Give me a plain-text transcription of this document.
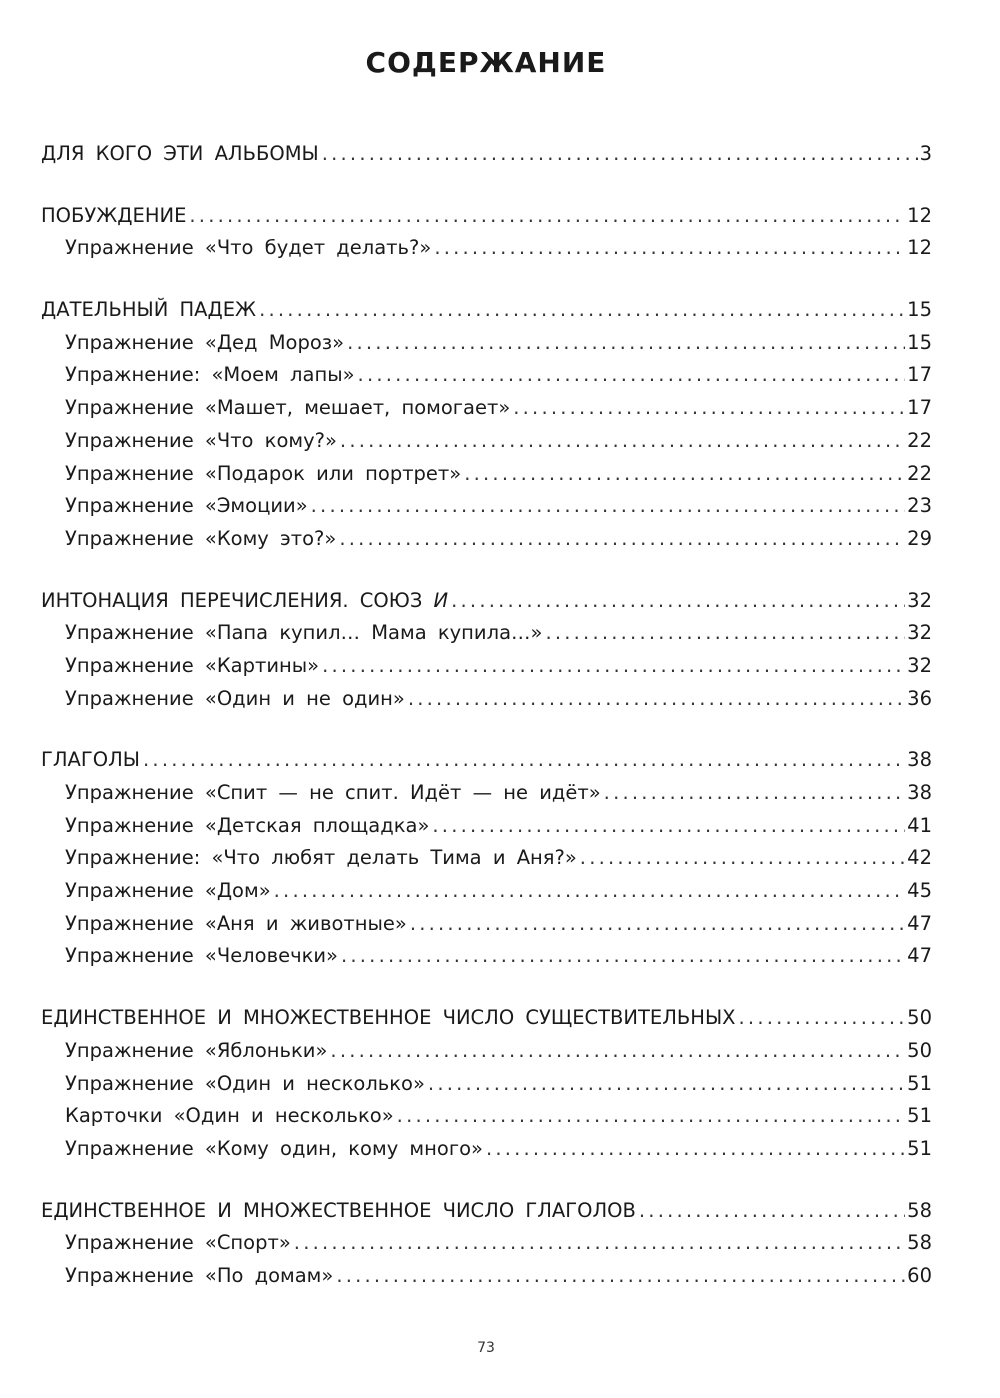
СОДЕРЖАНИЕ
ДЛЯ КОГО ЭТИ АЛЬБОМЫ .....	3
ПОБУЖДЕНИЕ .....	12
Упражнение «Что будет делать?» .....	12
ДАТЕЛЬНЫЙ ПАДЕЖ .....	15
Упражнение «Дед Мороз» .....	15
Упражнение: «Моем лапы» .....	17
Упражнение «Машет, мешает, помогает» .....	17
Упражнение «Что кому?» .....	22
Упражнение «Подарок или портрет» .....	22
Упражнение «Эмоции» .....	23
Упражнение «Кому это?» .....	29
ИНТОНАЦИЯ ПЕРЕЧИСЛЕНИЯ. СОЮЗ И .....	32
Упражнение «Папа купил… Мама купила…» .....	32
Упражнение «Картины» .....	32
Упражнение «Один и не один» .....	36
ГЛАГОЛЫ .....	38
Упражнение «Спит — не спит. Идёт — не идёт» .....	38
Упражнение «Детская площадка» .....	41
Упражнение: «Что любят делать Тима и Аня?» .....	42
Упражнение «Дом» .....	45
Упражнение «Аня и животные» .....	47
Упражнение «Человечки» .....	47
ЕДИНСТВЕННОЕ И МНОЖЕСТВЕННОЕ ЧИСЛО СУЩЕСТВИТЕЛЬНЫХ .....	50
Упражнение «Яблоньки» .....	50
Упражнение «Один и несколько» .....	51
Карточки «Один и несколько» .....	51
Упражнение «Кому один, кому много» .....	51
ЕДИНСТВЕННОЕ И МНОЖЕСТВЕННОЕ ЧИСЛО ГЛАГОЛОВ .....	58
Упражнение «Спорт» .....	58
Упражнение «По домам» .....	60
73
